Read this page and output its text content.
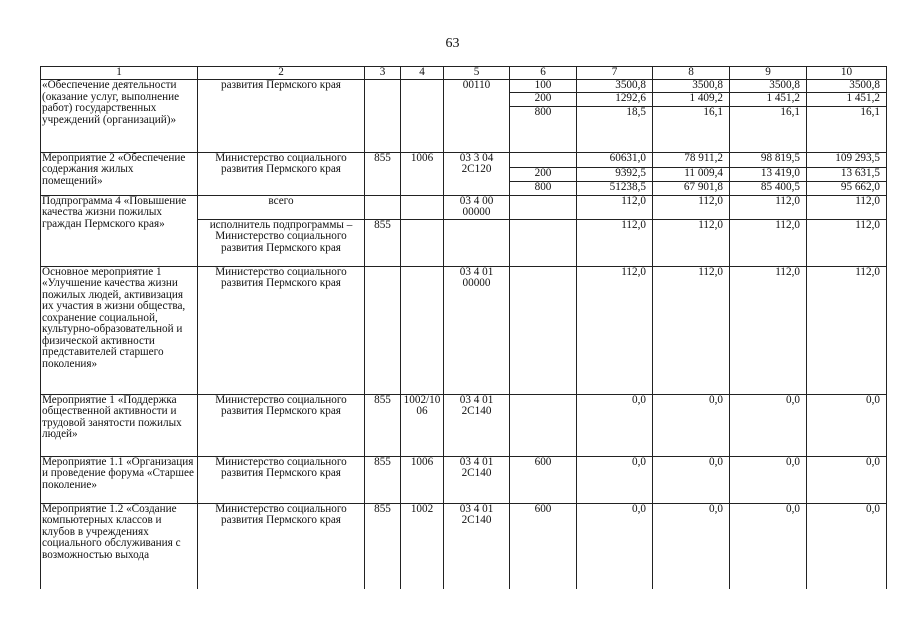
63
1	2	3	4	5	6	7	8	9	10
«Обеспечение деятельности (оказание услуг, выполнение работ) государственных учреждений (организаций)»	развития Пермского края			00110	100	3500,8	3500,8	3500,8	3500,8
					200	1292,6	1 409,2	1 451,2	1 451,2
					800	18,5	16,1	16,1	16,1
Мероприятие 2 «Обеспечение содержания жилых помещений»	Министерство социального развития Пермского края	855	1006	03 3 04 2С120		60631,0	78 911,2	98 819,5	109 293,5
					200	9392,5	11 009,4	13 419,0	13 631,5
					800	51238,5	67 901,8	85 400,5	95 662,0
Подпрограмма 4 «Повышение качества жизни пожилых граждан Пермского края»	всего			03 4 00 00000		112,0	112,0	112,0	112,0
	исполнитель подпрограммы – Министерство социального развития Пермского края	855				112,0	112,0	112,0	112,0
Основное мероприятие 1 «Улучшение качества жизни пожилых людей, активизация их участия в жизни общества, сохранение социальной, культурно-образовательной и физической активности представителей старшего поколения»	Министерство социального развития Пермского края			03 4 01 00000		112,0	112,0	112,0	112,0
Мероприятие 1 «Поддержка общественной активности и трудовой занятости пожилых людей»	Министерство социального развития Пермского края	855	1002/1006	03 4 01 2С140		0,0	0,0	0,0	0,0
Мероприятие 1.1 «Организация и проведение форума «Старшее поколение»	Министерство социального развития Пермского края	855	1006	03 4 01 2С140	600	0,0	0,0	0,0	0,0
Мероприятие 1.2 «Создание компьютерных классов и клубов в учреждениях социального обслуживания с возможностью выхода	Министерство социального развития Пермского края	855	1002	03 4 01 2С140	600	0,0	0,0	0,0	0,0
